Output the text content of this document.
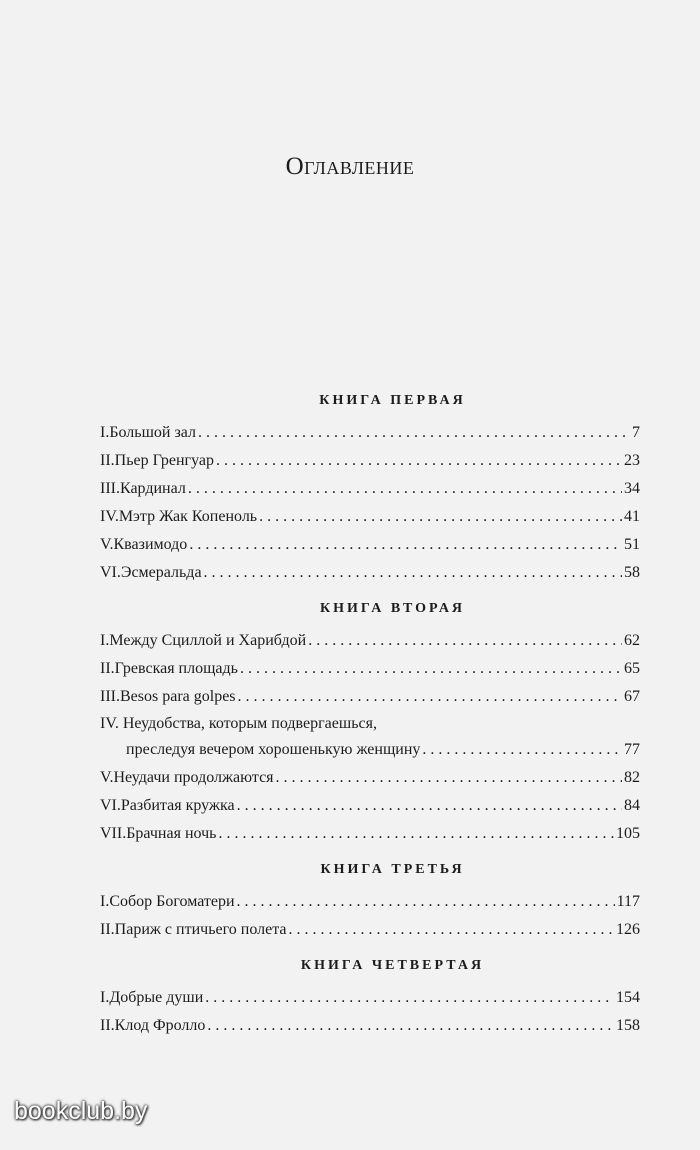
Оглавление
КНИГА ПЕРВАЯ
I. Большой зал . . .	7
II. Пьер Гренгуар . . .	23
III. Кардинал . . .	34
IV. Мэтр Жак Копеноль . . .	41
V. Квазимодо . . .	51
VI. Эсмеральда . . .	58
КНИГА ВТОРАЯ
I. Между Сциллой и Харибдой . . .	62
II. Гревская площадь . . .	65
III. Besos para golpes . . .	67
IV. Неудобства, которым подвергаешься,
преследуя вечером хорошенькую женщину . . .	77
V. Неудачи продолжаются . . .	82
VI. Разбитая кружка . . .	84
VII. Брачная ночь . . .	105
КНИГА ТРЕТЬЯ
I. Собор Богоматери . . .	117
II. Париж с птичьего полета . . .	126
КНИГА ЧЕТВЕРТАЯ
I. Добрые души . . .	154
II. Клод Фролло . . .	158
bookclub.by
